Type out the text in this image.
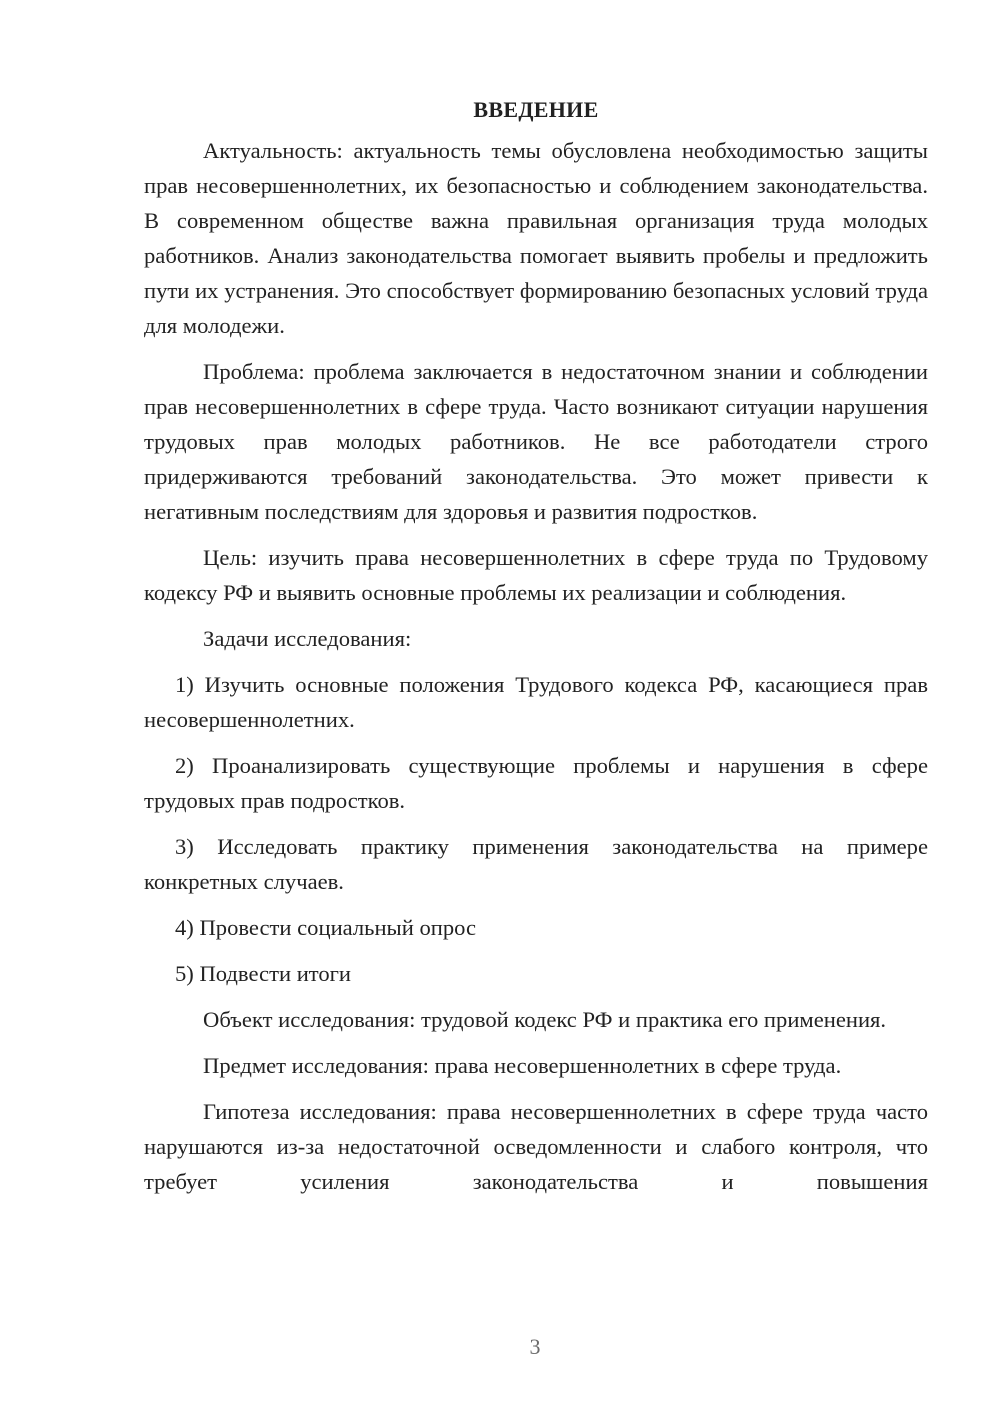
ВВЕДЕНИЕ

Актуальность: актуальность темы обусловлена необходимостью защиты прав несовершеннолетних, их безопасностью и соблюдением законодательства. В современном обществе важна правильная организация труда молодых работников. Анализ законодательства помогает выявить пробелы и предложить пути их устранения. Это способствует формированию безопасных условий труда для молодежи.

Проблема: проблема заключается в недостаточном знании и соблюдении прав несовершеннолетних в сфере труда. Часто возникают ситуации нарушения трудовых прав молодых работников. Не все работодатели строго придерживаются требований законодательства. Это может привести к негативным последствиям для здоровья и развития подростков.

Цель: изучить права несовершеннолетних в сфере труда по Трудовому кодексу РФ и выявить основные проблемы их реализации и соблюдения.

Задачи исследования:

1) Изучить основные положения Трудового кодекса РФ, касающиеся прав несовершеннолетних.

2) Проанализировать существующие проблемы и нарушения в сфере трудовых прав подростков.

3) Исследовать практику применения законодательства на примере конкретных случаев.

4) Провести социальный опрос

5) Подвести итоги

Объект исследования: трудовой кодекс РФ и практика его применения.

Предмет исследования: права несовершеннолетних в сфере труда.

Гипотеза исследования: права несовершеннолетних в сфере труда часто нарушаются из-за недостаточной осведомленности и слабого контроля, что требует усиления законодательства и повышения

3
